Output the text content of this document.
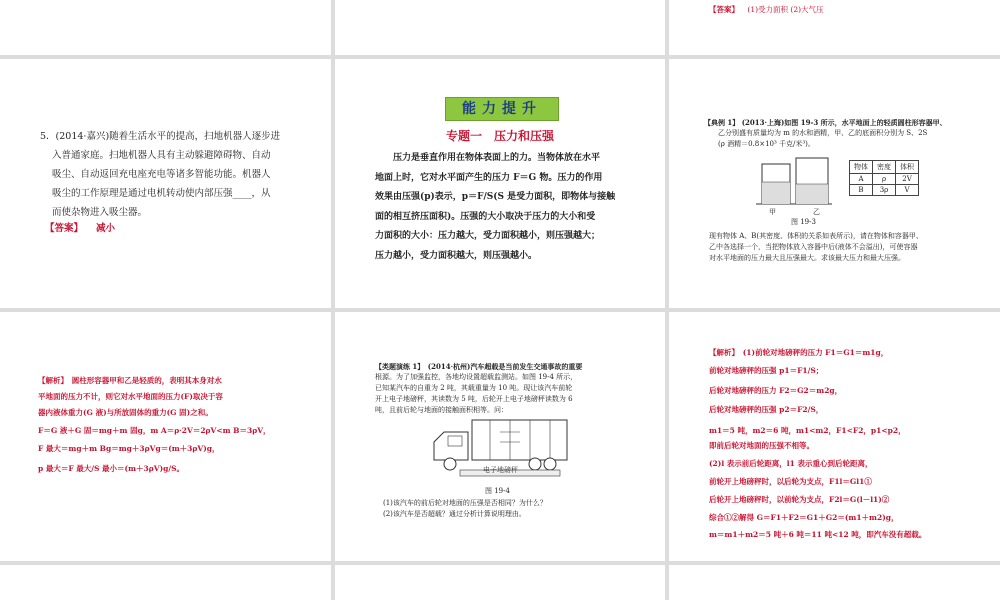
【答案】 (1)受力面积 (2)大气压
5．(2014·嘉兴)随着生活水平的提高，扫地机器人逐步进
入普通家庭。扫地机器人具有主动躲避障碍物、自动
吸尘、自动返回充电座充电等诸多智能功能。机器人
吸尘的工作原理是通过电机转动使内部压强____，从
而使杂物进入吸尘器。
【答案】 减小
能力提升
专题一　压力和压强
压力是垂直作用在物体表面上的力。当物体放在水平
地面上时，它对水平面产生的压力 F＝G 物。压力的作用
效果由压强(p)表示，p＝F/S(S 是受力面积，即物体与接触
面的相互挤压面积)。压强的大小取决于压力的大小和受
力面积的大小：压力越大，受力面积越小，则压强越大；
压力越小，受力面积越大，则压强越小。
【典例 1】 (2013·上海)如图 19-3 所示，水平地面上的轻质圆柱形容器甲、
乙分别盛有质量均为 m 的水和酒精，甲、乙的底面积分别为 S、2S
(ρ 酒精＝0.8×10³ 千克/米³)。
甲	乙
物体	密度	体积
A	ρ	2V
B	3ρ	V
图 19-3
现有物体 A、B(其密度、体积的关系如表所示)，请在物体和容器甲、
乙中各选择一个，当把物体放入容器中后(液体不会溢出)，可使容器
对水平地面的压力最大且压强最大。求该最大压力和最大压强。
【解析】　圆柱形容器甲和乙是轻质的，表明其本身对水
平地面的压力不计，则它对水平地面的压力(F)取决于容
器内液体重力(G 液)与所放固体的重力(G 固)之和。
F＝G 液＋G 固＝mg＋m 固g，m A＝ρ·2V＝2ρV<m B＝3ρV，
F 最大＝mg＋m Bg＝mg＋3ρVg＝(m＋3ρV)g，
p 最大＝F 最大/S 最小＝(m＋3ρV)g/S。
【类题演练 1】　(2014·杭州)汽车超载是当前发生交通事故的重要
根源。为了加强监控，各地均设置超载监测站。如图 19-4 所示，
已知某汽车的自重为 2 吨，其载重量为 10 吨。现让该汽车前轮
开上电子地磅秤，其读数为 5 吨，后轮开上电子地磅秤读数为 6
吨，且前后轮与地面的接触面积相等。问：
电子地磅秤
图 19-4
(1)该汽车的前后轮对地面的压强是否相同？为什么？
(2)该汽车是否超载？通过分析计算说明理由。
【解析】　(1)前轮对地磅秤的压力 F1＝G1＝m1g，
前轮对地磅秤的压强 p1＝F1/S；
后轮对地磅秤的压力 F2＝G2＝m2g，
后轮对地磅秤的压强 p2＝F2/S，
m1＝5 吨，m2＝6 吨，m1<m2，F1<F2，p1<p2，
即前后轮对地面的压强不相等。
(2)l 表示前后轮距离，l1 表示重心到后轮距离，
前轮开上地磅秤时，以后轮为支点，F1l＝Gl1①
后轮开上地磅秤时，以前轮为支点，F2l＝G(l－l1)②
综合①②解得 G＝F1＋F2＝G1＋G2＝(m1＋m2)g，
m＝m1＋m2＝5 吨＋6 吨＝11 吨<12 吨，即汽车没有超载。
